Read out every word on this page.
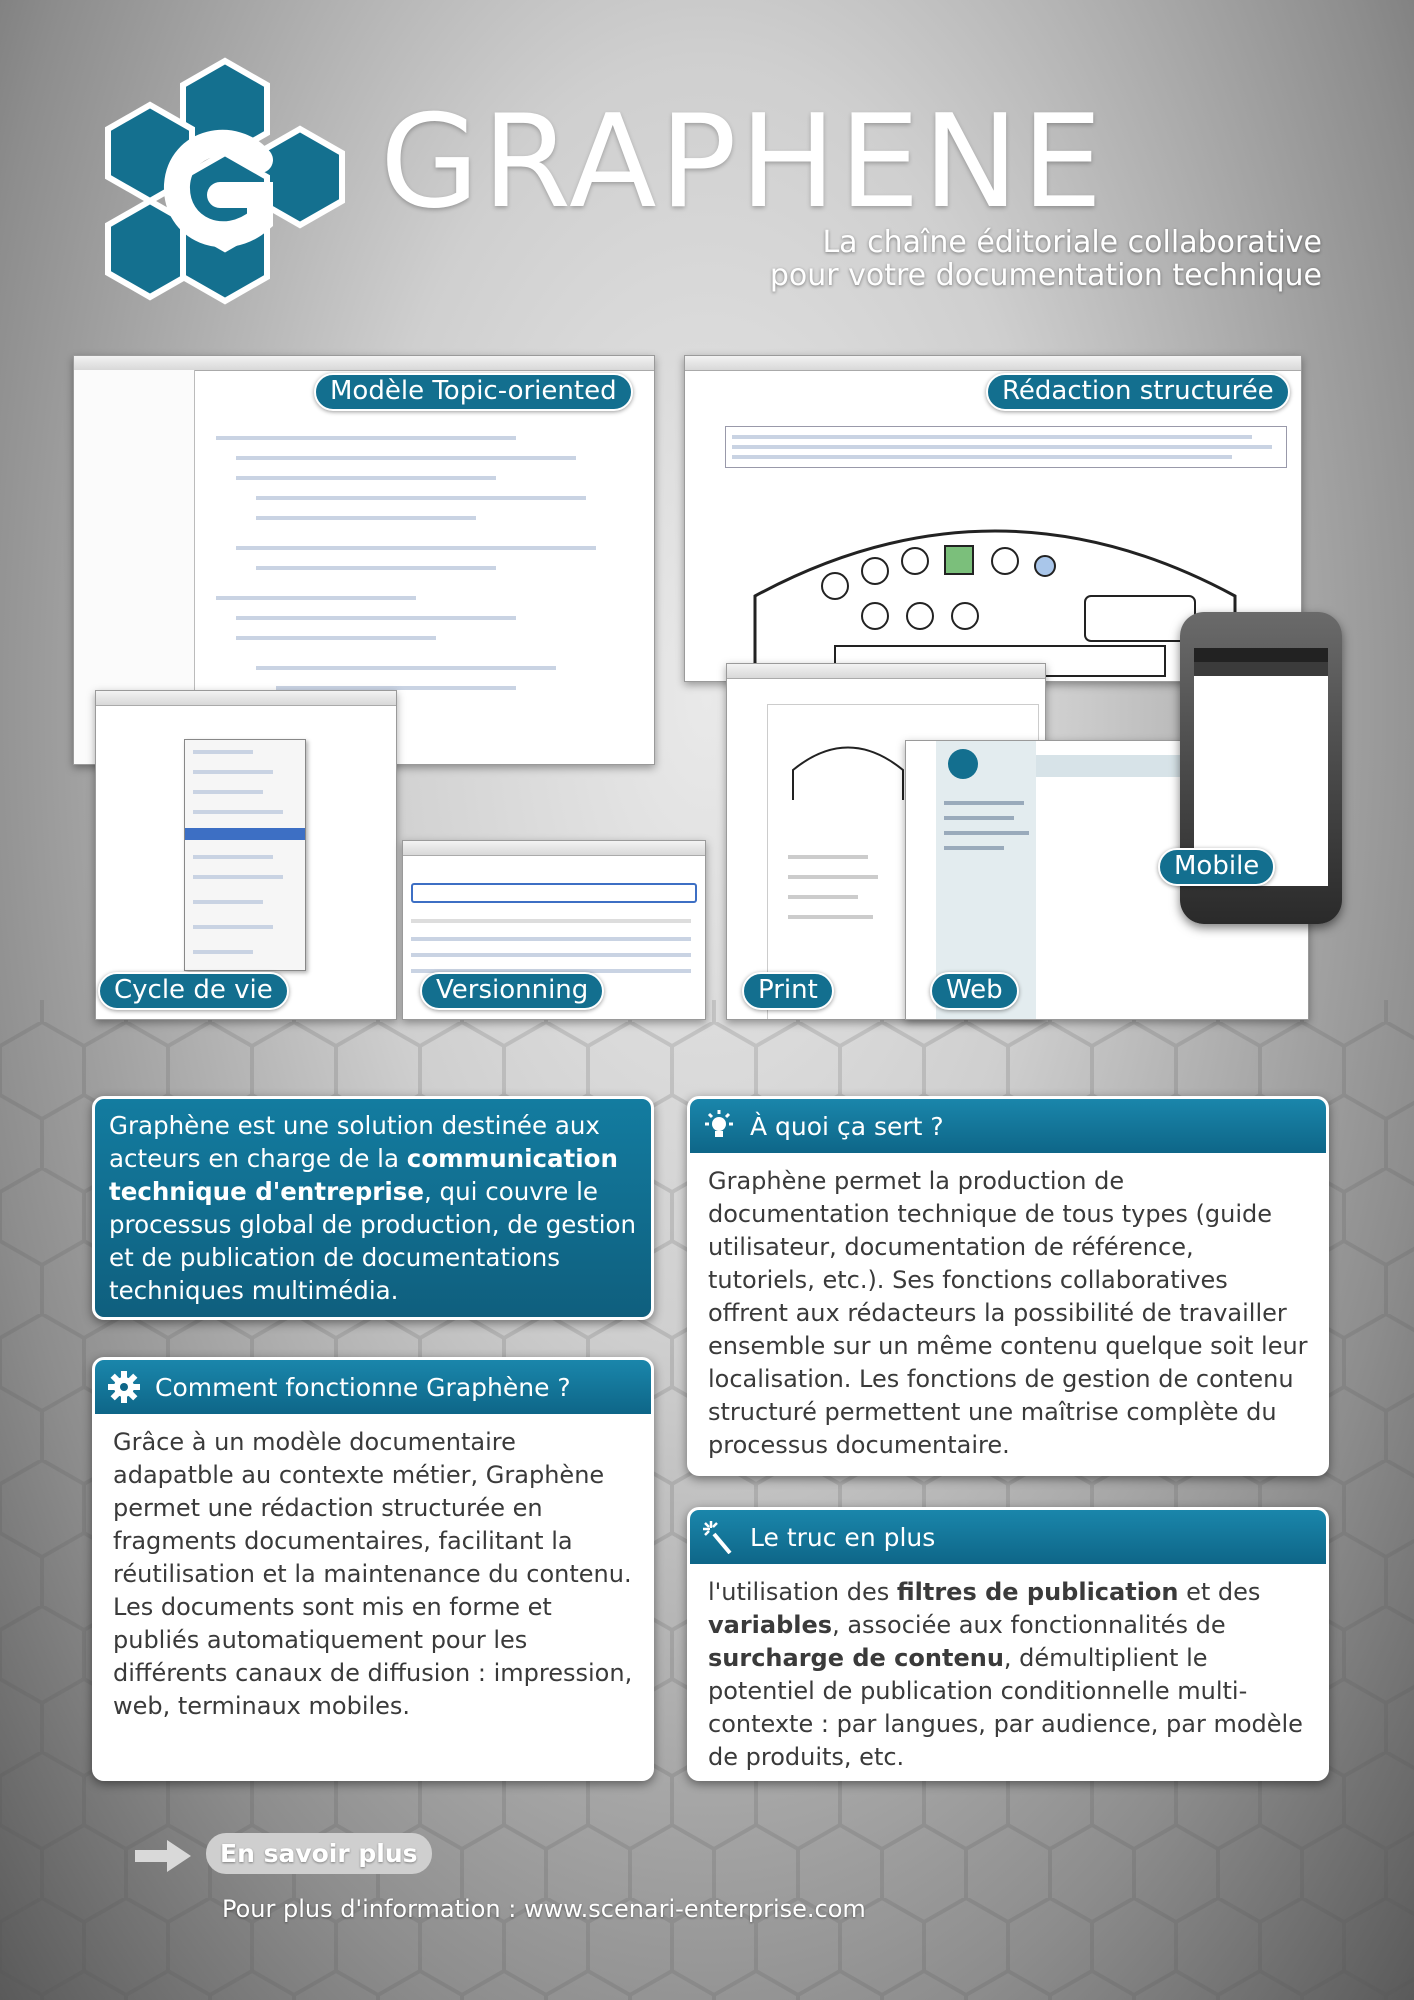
GRAPHENE
La chaîne éditoriale collaborative
pour votre documentation technique
Modèle Topic-oriented	Rédaction structurée
Cycle de vie	Versionning	Print	Web
Mobile
Graphène est une solution destinée aux acteurs en charge de la communication technique d'entreprise, qui couvre le processus global de production, de gestion et de publication de documentations techniques multimédia.
À quoi ça sert ?
Graphène permet la production de documentation technique de tous types (guide utilisateur, documentation de référence, tutoriels, etc.). Ses fonctions collaboratives offrent aux rédacteurs la possibilité de travailler ensemble sur un même contenu quelque soit leur localisation. Les fonctions de gestion de contenu structuré permettent une maîtrise complète du processus documentaire.
Comment fonctionne Graphène ?
Grâce à un modèle documentaire adapatble au contexte métier, Graphène permet une rédaction structurée en fragments documentaires, facilitant la réutilisation et la maintenance du contenu. Les documents sont mis en forme et publiés automatiquement pour les différents canaux de diffusion : impression, web, terminaux mobiles.
Le truc en plus
l'utilisation des filtres de publication et des variables, associée aux fonctionnalités de surcharge de contenu, démultiplient le potentiel de publication conditionnelle multi-contexte : par langues, par audience, par modèle de produits, etc.
En savoir plus
Pour plus d'information : www.scenari-enterprise.com
